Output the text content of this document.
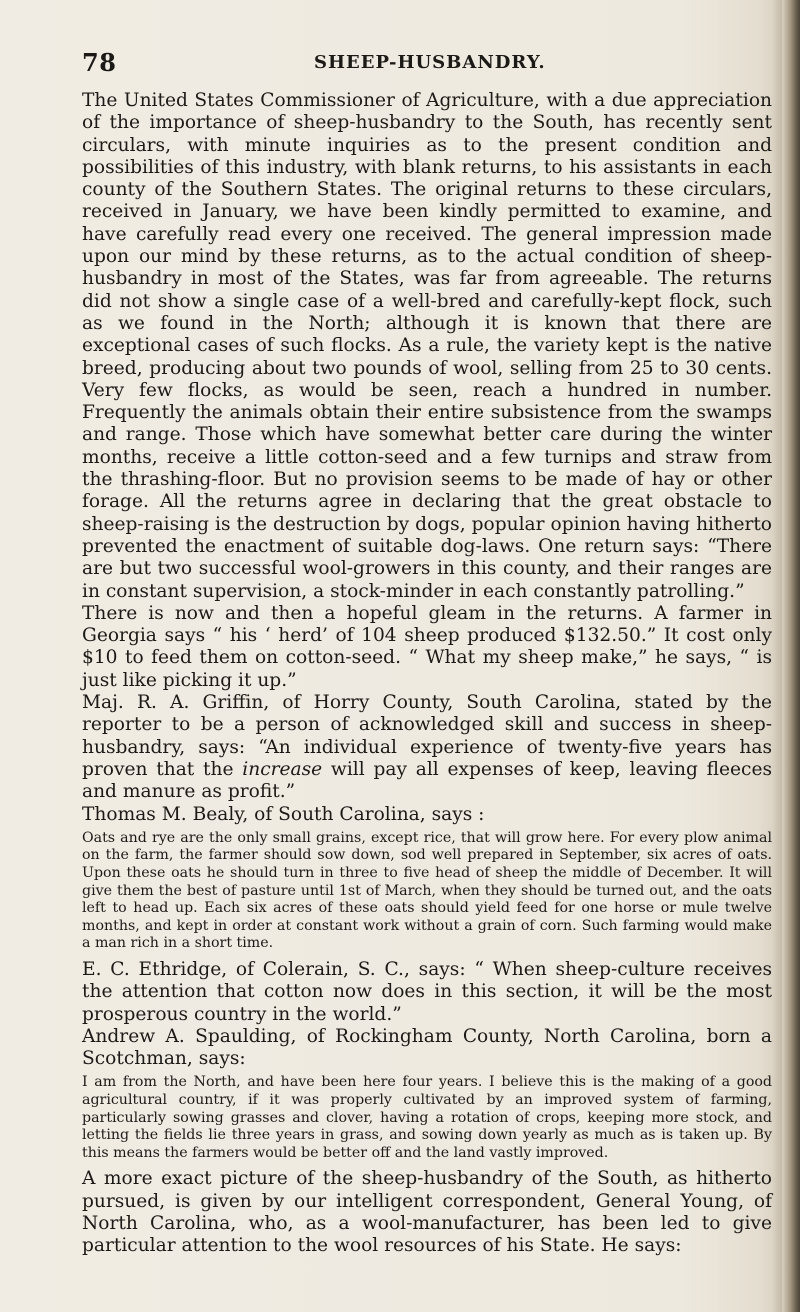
78	SHEEP-HUSBANDRY.

The United States Commissioner of Agriculture, with a due appreciation of the importance of sheep-husbandry to the South, has recently sent circulars, with minute inquiries as to the present condition and possibilities of this industry, with blank returns, to his assistants in each county of the Southern States. The original returns to these circulars, received in January, we have been kindly permitted to examine, and have carefully read every one received. The general impression made upon our mind by these returns, as to the actual condition of sheep-husbandry in most of the States, was far from agreeable. The returns did not show a single case of a well-bred and carefully-kept flock, such as we found in the North; although it is known that there are exceptional cases of such flocks. As a rule, the variety kept is the native breed, producing about two pounds of wool, selling from 25 to 30 cents. Very few flocks, as would be seen, reach a hundred in number. Frequently the animals obtain their entire subsistence from the swamps and range. Those which have somewhat better care during the winter months, receive a little cotton-seed and a few turnips and straw from the thrashing-floor. But no provision seems to be made of hay or other forage. All the returns agree in declaring that the great obstacle to sheep-raising is the destruction by dogs, popular opinion having hitherto prevented the enactment of suitable dog-laws. One return says: “There are but two successful wool-growers in this county, and their ranges are in constant supervision, a stock-minder in each constantly patrolling.”

There is now and then a hopeful gleam in the returns. A farmer in Georgia says “ his ‘ herd’ of 104 sheep produced $132.50.” It cost only $10 to feed them on cotton-seed. “ What my sheep make,” he says, “ is just like picking it up.”

Maj. R. A. Griffin, of Horry County, South Carolina, stated by the reporter to be a person of acknowledged skill and success in sheep-husbandry, says: “An individual experience of twenty-five years has proven that the increase will pay all expenses of keep, leaving fleeces and manure as profit.”

Thomas M. Bealy, of South Carolina, says :

Oats and rye are the only small grains, except rice, that will grow here. For every plow animal on the farm, the farmer should sow down, sod well prepared in September, six acres of oats. Upon these oats he should turn in three to five head of sheep the middle of December. It will give them the best of pasture until 1st of March, when they should be turned out, and the oats left to head up. Each six acres of these oats should yield feed for one horse or mule twelve months, and kept in order at constant work without a grain of corn. Such farming would make a man rich in a short time.

E. C. Ethridge, of Colerain, S. C., says: “ When sheep-culture receives the attention that cotton now does in this section, it will be the most prosperous country in the world.”

Andrew A. Spaulding, of Rockingham County, North Carolina, born a Scotchman, says:

I am from the North, and have been here four years. I believe this is the making of a good agricultural country, if it was properly cultivated by an improved system of farming, particularly sowing grasses and clover, having a rotation of crops, keeping more stock, and letting the fields lie three years in grass, and sowing down yearly as much as is taken up. By this means the farmers would be better off and the land vastly improved.

A more exact picture of the sheep-husbandry of the South, as hitherto pursued, is given by our intelligent correspondent, General Young, of North Carolina, who, as a wool-manufacturer, has been led to give particular attention to the wool resources of his State. He says:
